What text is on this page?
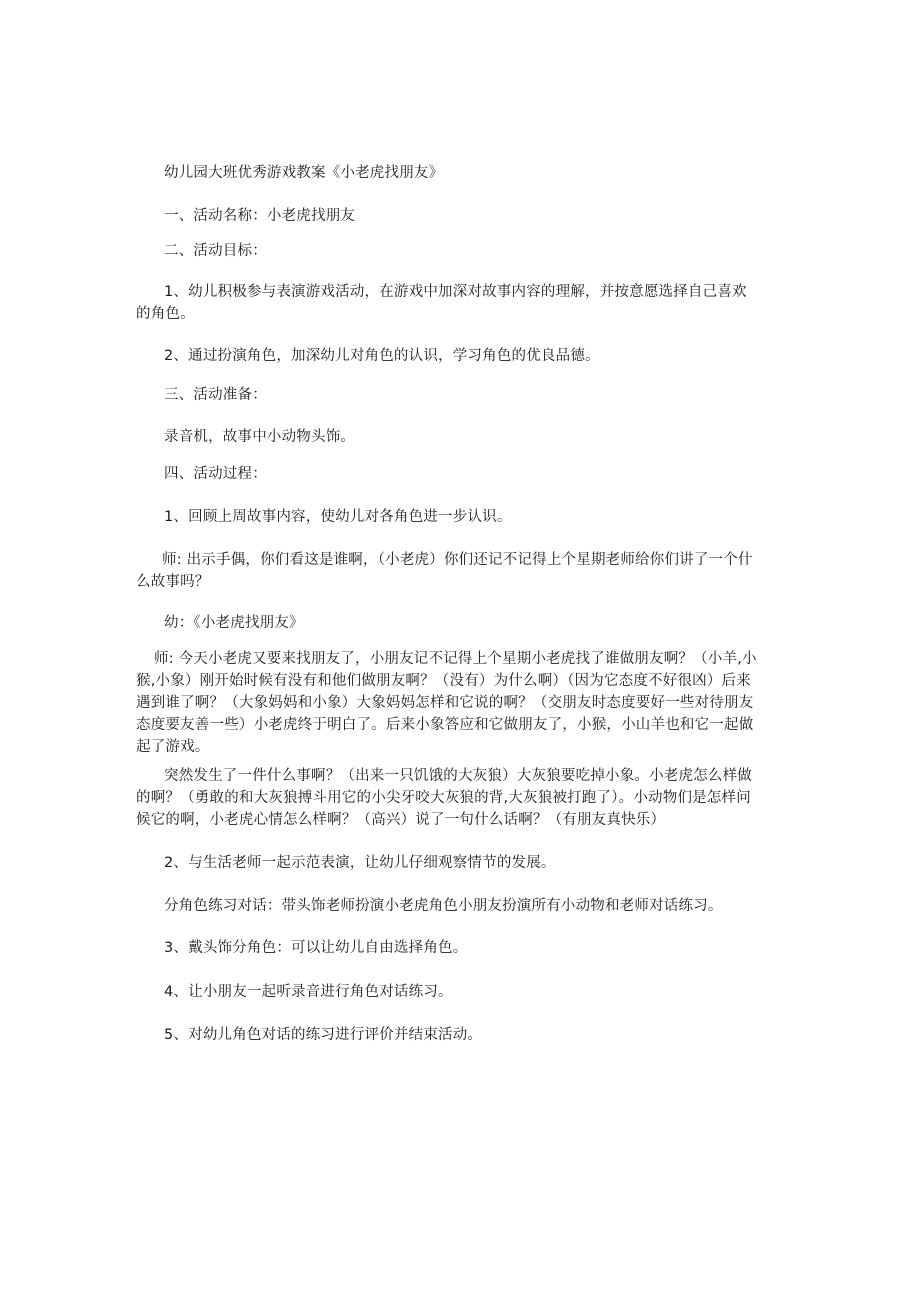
幼儿园大班优秀游戏教案《小老虎找朋友》
一、活动名称：小老虎找朋友
二、活动目标：
1、幼儿积极参与表演游戏活动，在游戏中加深对故事内容的理解，并按意愿选择自己喜欢的角色。
2、通过扮演角色，加深幼儿对角色的认识，学习角色的优良品德。
三、活动准备：
录音机，故事中小动物头饰。
四、活动过程：
1、回顾上周故事内容，使幼儿对各角色进一步认识。
师: 出示手偶，你们看这是谁啊，（小老虎）你们还记不记得上个星期老师给你们讲了一个什么故事吗？
幼：《小老虎找朋友》
师: 今天小老虎又要来找朋友了，小朋友记不记得上个星期小老虎找了谁做朋友啊？（小羊,小猴,小象）刚开始时候有没有和他们做朋友啊？（没有）为什么啊）（因为它态度不好很凶）后来遇到谁了啊？（大象妈妈和小象）大象妈妈怎样和它说的啊？（交朋友时态度要好一些对待朋友态度要友善一些）小老虎终于明白了。后来小象答应和它做朋友了，小猴，小山羊也和它一起做起了游戏。
突然发生了一件什么事啊？（出来一只饥饿的大灰狼）大灰狼要吃掉小象。小老虎怎么样做的啊？（勇敢的和大灰狼搏斗用它的小尖牙咬大灰狼的背,大灰狼被打跑了）。小动物们是怎样问候它的啊，小老虎心情怎么样啊？（高兴）说了一句什么话啊？（有朋友真快乐）
2、与生活老师一起示范表演，让幼儿仔细观察情节的发展。
分角色练习对话：带头饰老师扮演小老虎角色小朋友扮演所有小动物和老师对话练习。
3、戴头饰分角色：可以让幼儿自由选择角色。
4、让小朋友一起听录音进行角色对话练习。
5、对幼儿角色对话的练习进行评价并结束活动。
